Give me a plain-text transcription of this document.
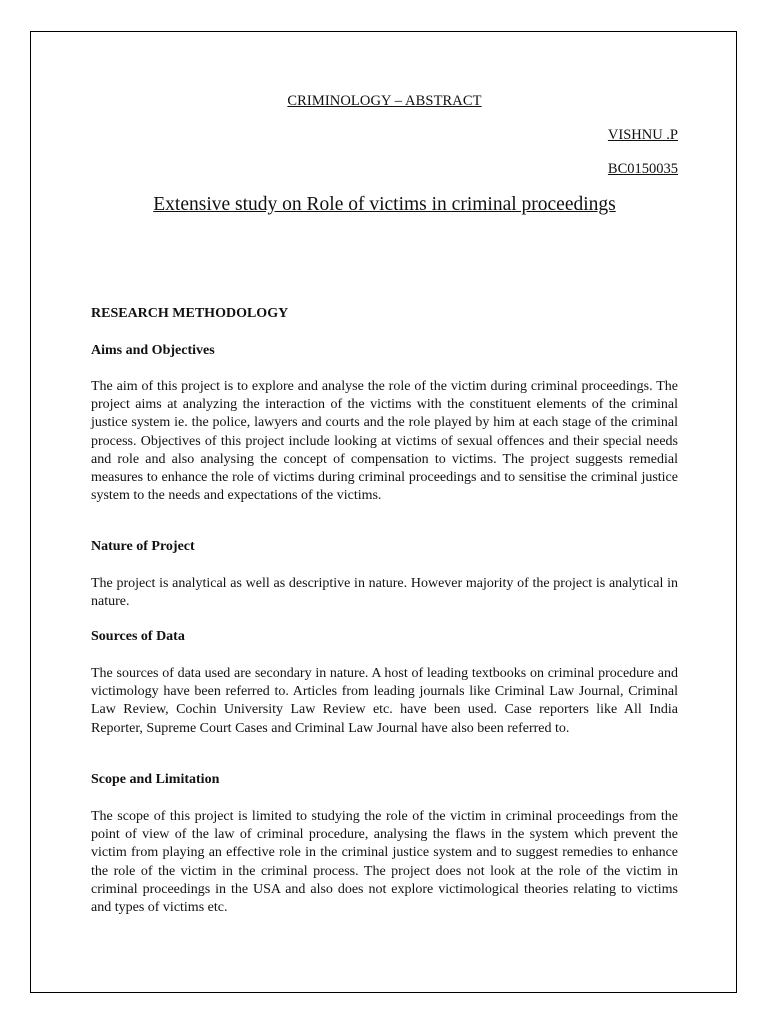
CRIMINOLOGY – ABSTRACT
VISHNU .P
BC0150035
Extensive study on Role of victims in criminal proceedings
RESEARCH METHODOLOGY
Aims and Objectives

The aim of this project is to explore and analyse the role of the victim during criminal proceedings. The project aims at analyzing the interaction of the victims with the constituent elements of the criminal justice system ie. the police, lawyers and courts and the role played by him at each stage of the criminal process. Objectives of this project include looking at victims of sexual offences and their special needs and role and also analysing the concept of compensation to victims. The project suggests remedial measures to enhance the role of victims during criminal proceedings and to sensitise the criminal justice system to the needs and expectations of the victims.

Nature of Project

The project is analytical as well as descriptive in nature. However majority of the project is analytical in nature.

Sources of Data

The sources of data used are secondary in nature. A host of leading textbooks on criminal procedure and victimology have been referred to. Articles from leading journals like Criminal Law Journal, Criminal Law Review, Cochin University Law Review etc. have been used. Case reporters like All India Reporter, Supreme Court Cases and Criminal Law Journal have also been referred to.

Scope and Limitation

The scope of this project is limited to studying the role of the victim in criminal proceedings from the point of view of the law of criminal procedure, analysing the flaws in the system which prevent the victim from playing an effective role in the criminal justice system and to suggest remedies to enhance the role of the victim in the criminal process. The project does not look at the role of the victim in criminal proceedings in the USA and also does not explore victimological theories relating to victims and types of victims etc.
